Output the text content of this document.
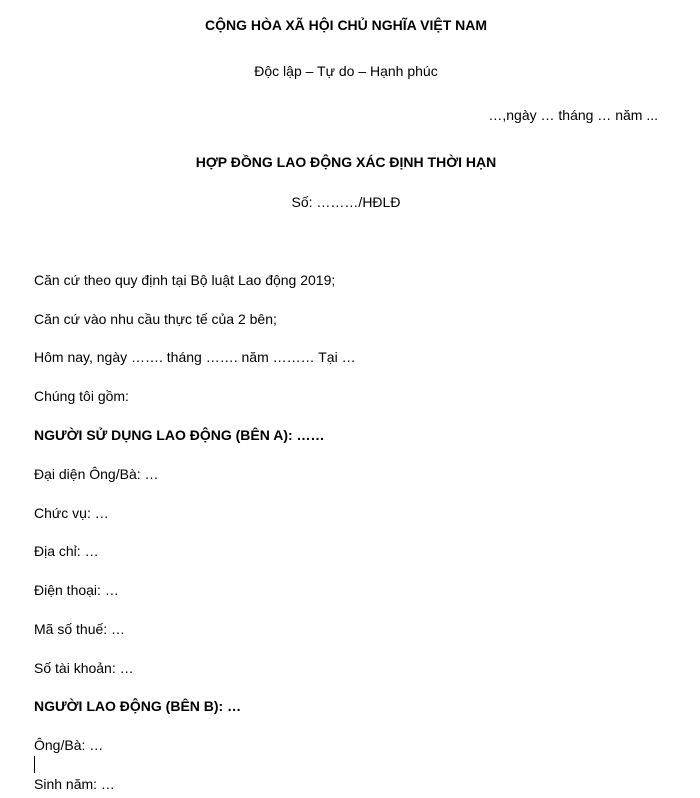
CỘNG HÒA XÃ HỘI CHỦ NGHĨA VIỆT NAM
Độc lập – Tự do – Hạnh phúc
…,ngày … tháng … năm ...
HỢP ĐỒNG LAO ĐỘNG XÁC ĐỊNH THỜI HẠN
Số: ………/HĐLĐ
Căn cứ theo quy định tại Bộ luật Lao động 2019;
Căn cứ vào nhu cầu thực tế của 2 bên;
Hôm nay, ngày ……. tháng ……. năm ……… Tại …
Chúng tôi gồm:
NGƯỜI SỬ DỤNG LAO ĐỘNG (BÊN A): ……
Đại diện Ông/Bà: …
Chức vụ: …
Địa chỉ: …
Điện thoại: …
Mã số thuế: …
Số tài khoản: …
NGƯỜI LAO ĐỘNG (BÊN B): …
Ông/Bà: …
Sinh năm: …
